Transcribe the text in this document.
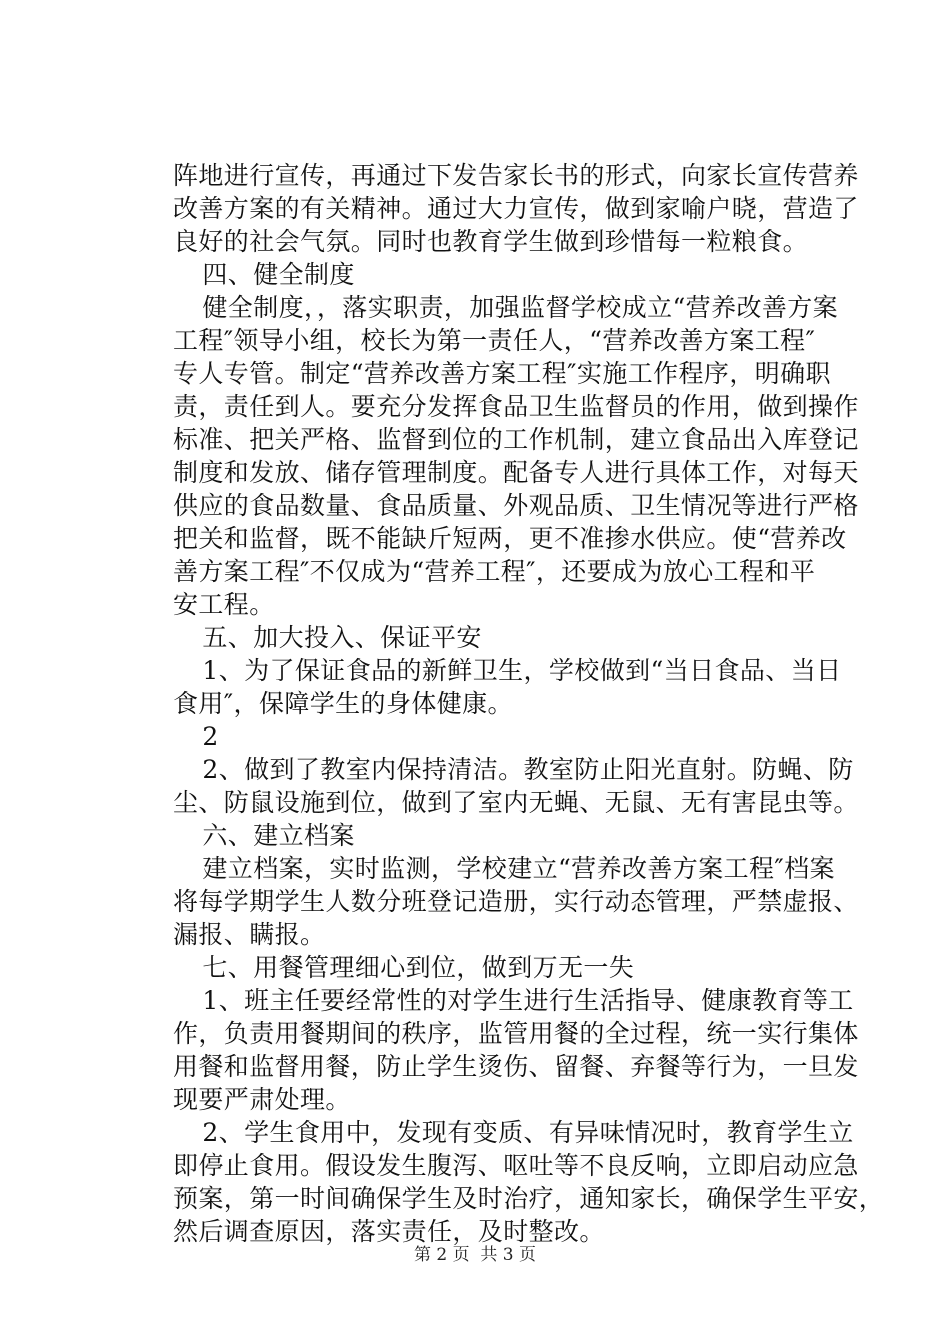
阵地进行宣传，再通过下发告家长书的形式，向家长宣传营养
改善方案的有关精神。通过大力宣传，做到家喻户晓，营造了
良好的社会气氛。同时也教育学生做到珍惜每一粒粮食。
　四、健全制度
　健全制度，，落实职责，加强监督学校成立“营养改善方案
工程″领导小组，校长为第一责任人，“营养改善方案工程″
专人专管。制定“营养改善方案工程″实施工作程序，明确职
责，责任到人。要充分发挥食品卫生监督员的作用，做到操作
标准、把关严格、监督到位的工作机制，建立食品出入库登记
制度和发放、储存管理制度。配备专人进行具体工作，对每天
供应的食品数量、食品质量、外观品质、卫生情况等进行严格
把关和监督，既不能缺斤短两，更不准掺水供应。使“营养改
善方案工程″不仅成为“营养工程″，还要成为放心工程和平
安工程。
　五、加大投入、保证平安
　1、为了保证食品的新鲜卫生，学校做到“当日食品、当日
食用″，保障学生的身体健康。
　2
　2、做到了教室内保持清洁。教室防止阳光直射。防蝇、防
尘、防鼠设施到位，做到了室内无蝇、无鼠、无有害昆虫等。
　六、建立档案
　建立档案，实时监测，学校建立“营养改善方案工程″档案
将每学期学生人数分班登记造册，实行动态管理，严禁虚报、
漏报、瞒报。
　七、用餐管理细心到位，做到万无一失
　1、班主任要经常性的对学生进行生活指导、健康教育等工
作，负责用餐期间的秩序，监管用餐的全过程，统一实行集体
用餐和监督用餐，防止学生烫伤、留餐、弃餐等行为，一旦发
现要严肃处理。
　2、学生食用中，发现有变质、有异味情况时，教育学生立
即停止食用。假设发生腹泻、呕吐等不良反响，立即启动应急
预案，第一时间确保学生及时治疗，通知家长，确保学生平安，
然后调查原因，落实责任，及时整改。
第 2 页  共 3 页
